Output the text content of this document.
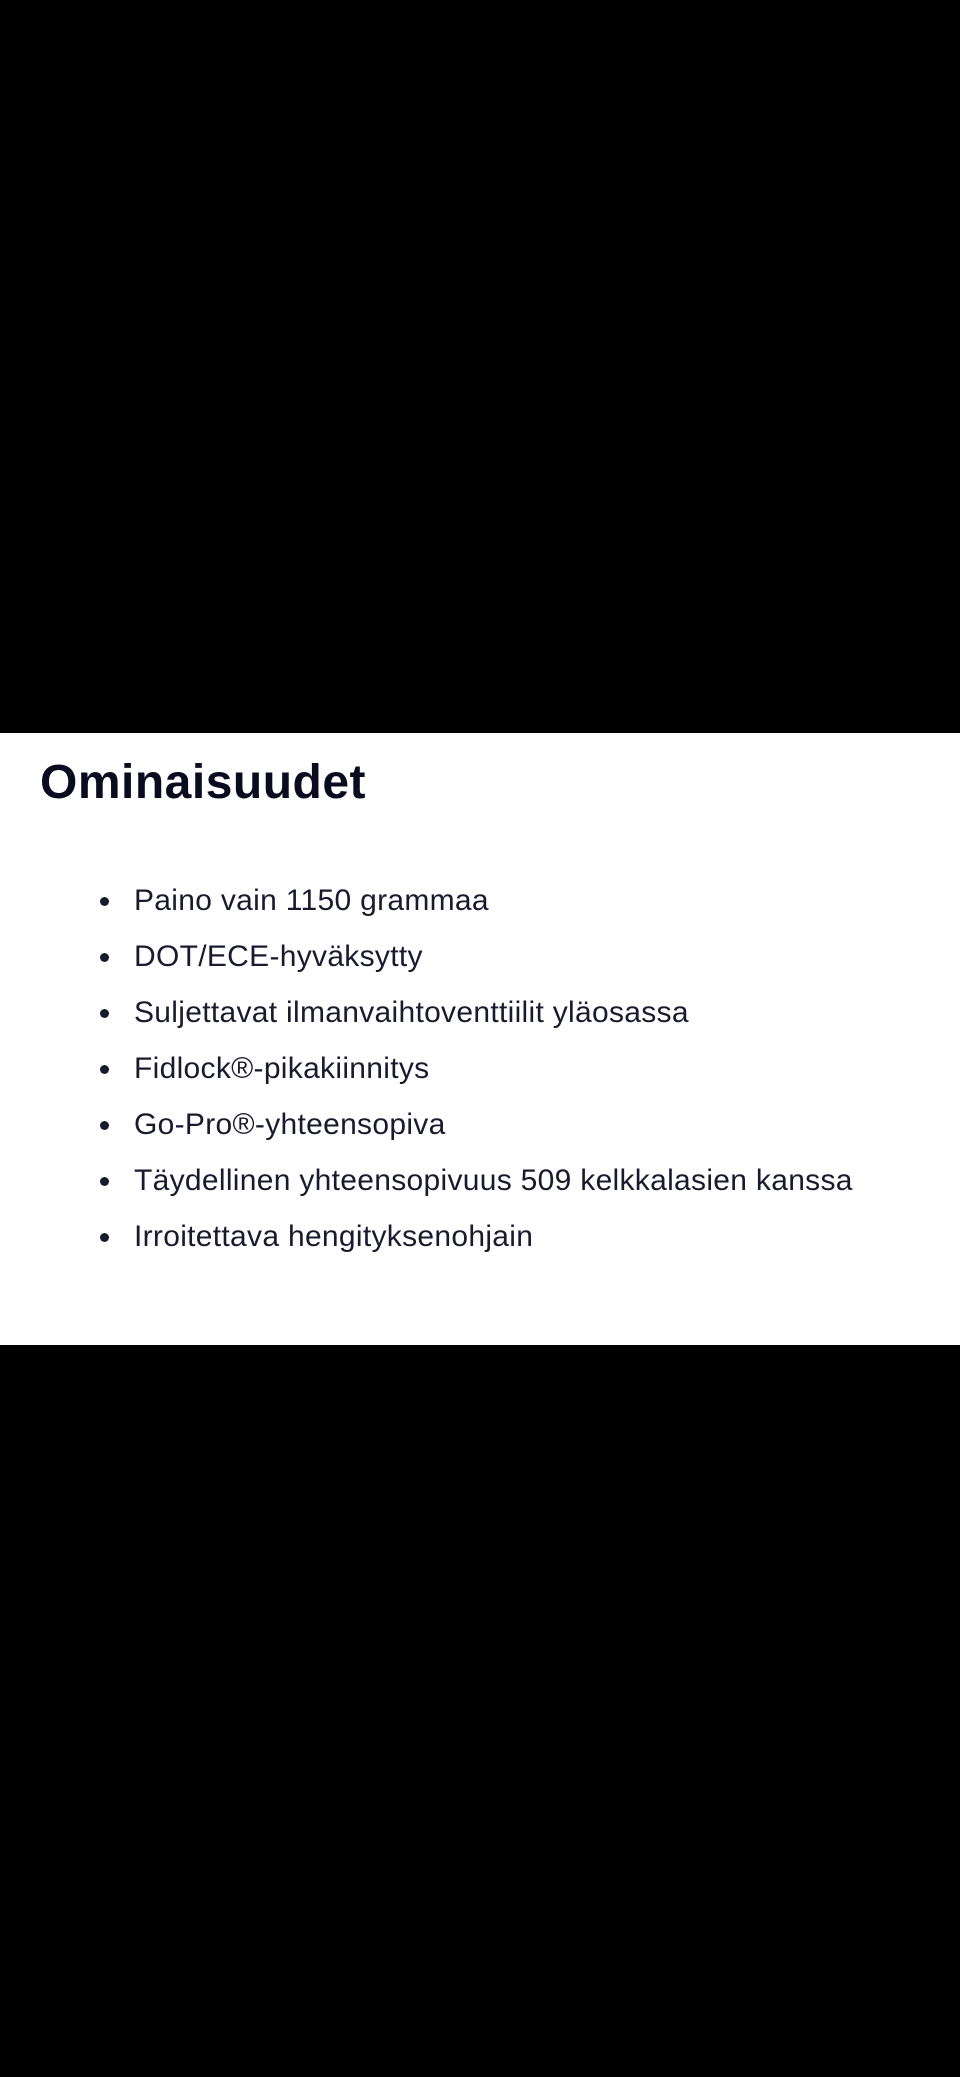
Ominaisuudet
Paino vain 1150 grammaa
DOT/ECE-hyväksytty
Suljettavat ilmanvaihtoventtiilit yläosassa
Fidlock®-pikakiinnitys
Go-Pro®-yhteensopiva
Täydellinen yhteensopivuus 509 kelkkalasien kanssa
Irroitettava hengityksenohjain
